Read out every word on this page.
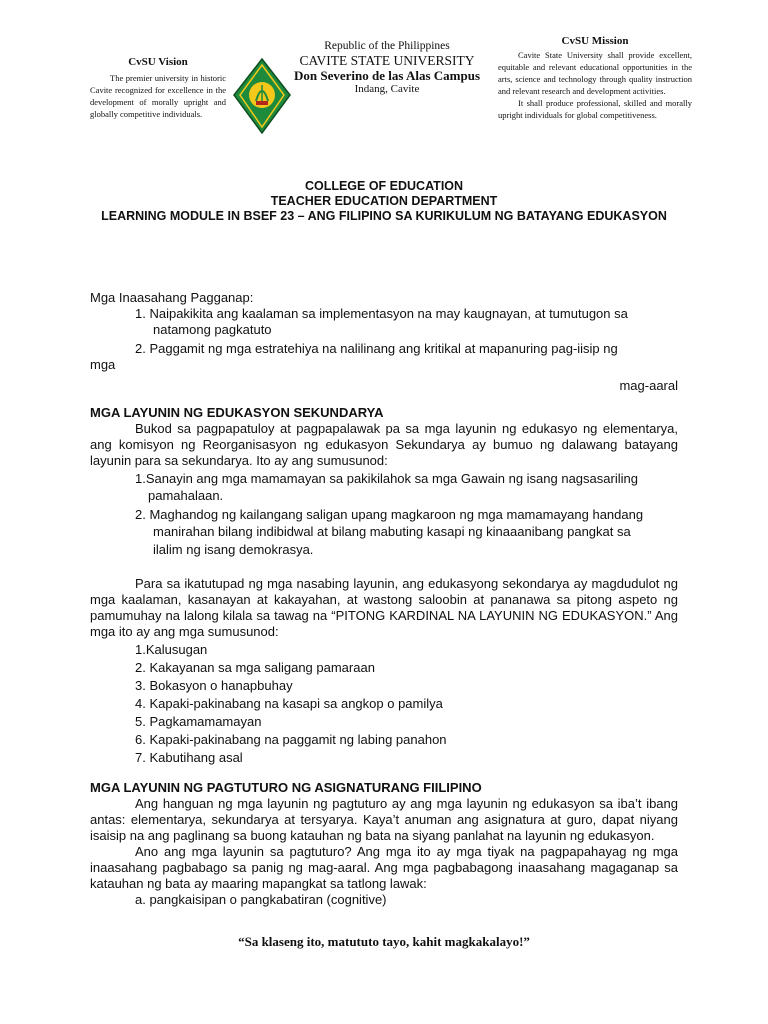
CvSU Vision
The premier university in historic Cavite recognized for excellence in the development of morally upright and globally competitive individuals.
Republic of the Philippines
CAVITE STATE UNIVERSITY
Don Severino de las Alas Campus
Indang, Cavite
CvSU Mission

Cavite State University shall provide excellent, equitable and relevant educational opportunities in the arts, science and technology through quality instruction and relevant research and development activities.

It shall produce professional, skilled and morally upright individuals for global competitiveness.

COLLEGE OF EDUCATION
TEACHER EDUCATION DEPARTMENT
LEARNING MODULE IN BSEF 23 – ANG FILIPINO SA KURIKULUM NG BATAYANG EDUKASYON
Mga Inaasahang Pagganap:
1. Naipakikita ang kaalaman sa implementasyon na may kaugnayan, at tumutugon sa
natamong pagkatuto
2. Paggamit ng mga estratehiya na nalilinang ang kritikal at mapanuring pag-iisip ng
mga
mag-aaral
MGA LAYUNIN NG EDUKASYON SEKUNDARYA
Bukod sa pagpapatuloy at pagpapalawak pa sa mga layunin ng edukasyo ng elementarya, ang komisyon ng Reorganisasyon ng edukasyon Sekundarya ay bumuo ng dalawang batayang layunin para sa sekundarya. Ito ay ang sumusunod:
1.Sanayin ang mga mamamayan sa pakikilahok sa mga Gawain ng isang nagsasariling
pamahalaan.
2. Maghandog ng kailangang saligan upang magkaroon ng mga mamamayang handang
manirahan bilang indibidwal at bilang mabuting kasapi ng kinaaanibang pangkat sa
ilalim ng isang demokrasya.
Para sa ikatutupad ng mga nasabing layunin, ang edukasyong sekondarya ay magdudulot ng mga kaalaman, kasanayan at kakayahan, at wastong saloobin at pananawa sa pitong aspeto ng pamumuhay na lalong kilala sa tawag na “PITONG KARDINAL NA LAYUNIN NG EDUKASYON.” Ang mga ito ay ang mga sumusunod:
1.Kalusugan
2. Kakayanan sa mga saligang pamaraan
3. Bokasyon o hanapbuhay
4. Kapaki-pakinabang na kasapi sa angkop o pamilya
5. Pagkamamamayan
6. Kapaki-pakinabang na paggamit ng labing panahon
7. Kabutihang asal
MGA LAYUNIN NG PAGTUTURO NG ASIGNATURANG FIILIPINO
Ang hanguan ng mga layunin ng pagtuturo ay ang mga layunin ng edukasyon sa iba’t ibang antas: elementarya, sekundarya at tersyarya. Kaya’t anuman ang asignatura at guro, dapat niyang isaisip na ang paglinang sa buong katauhan ng bata na siyang panlahat na layunin ng edukasyon.
Ano ang mga layunin sa pagtuturo? Ang mga ito ay mga tiyak na pagpapahayag ng mga inaasahang pagbabago sa panig ng mag-aaral. Ang mga pagbabagong inaasahang magaganap sa katauhan ng bata ay maaring mapangkat sa tatlong lawak:
a. pangkaisipan o pangkabatiran (cognitive)
“Sa klaseng ito, matututo tayo, kahit magkakalayo!”
